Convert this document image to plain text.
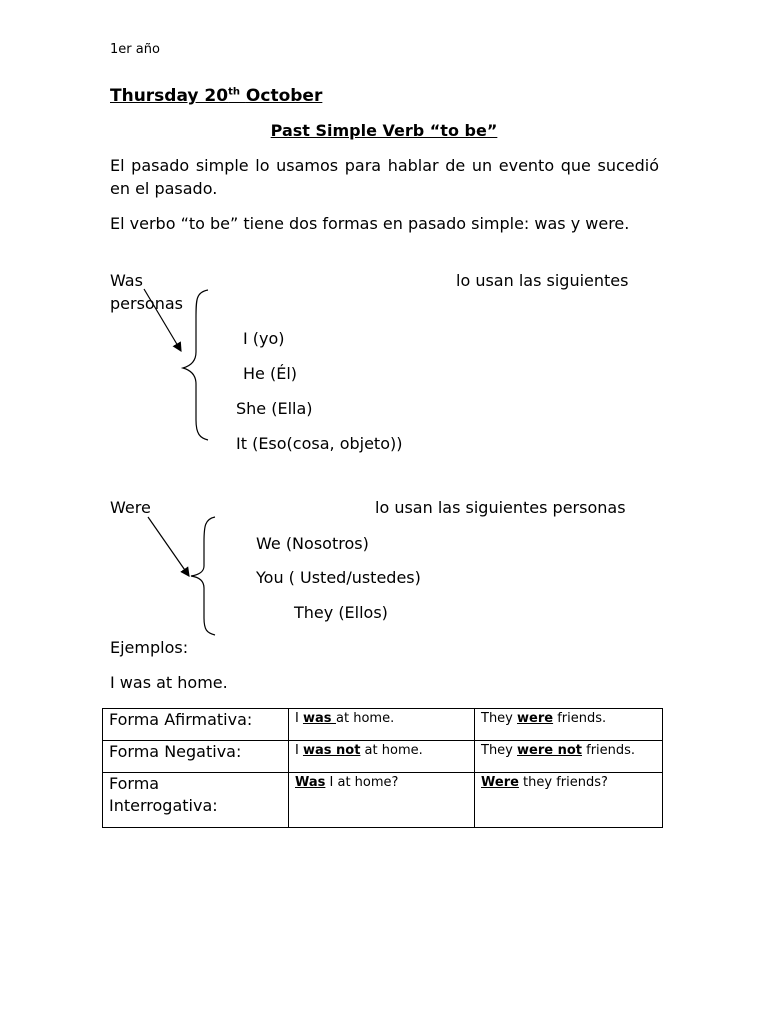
1er año
Thursday 20th October
Past Simple Verb “to be”
El pasado simple lo usamos para hablar de un evento que sucedió en el pasado.
El verbo “to be” tiene dos formas en pasado simple: was y were.
Was	lo usan las siguientes
personas
I (yo)
He (Él)
She (Ella)
It (Eso(cosa, objeto))
Were	lo usan las siguientes personas
We (Nosotros)
You ( Usted/ustedes)
They (Ellos)
Ejemplos:
I was at home.
Forma Afirmativa:	I was at home.	They were friends.
Forma Negativa:	I was not at home.	They were not friends.

Forma
Interrogativa:	Was I at home?	Were they friends?
